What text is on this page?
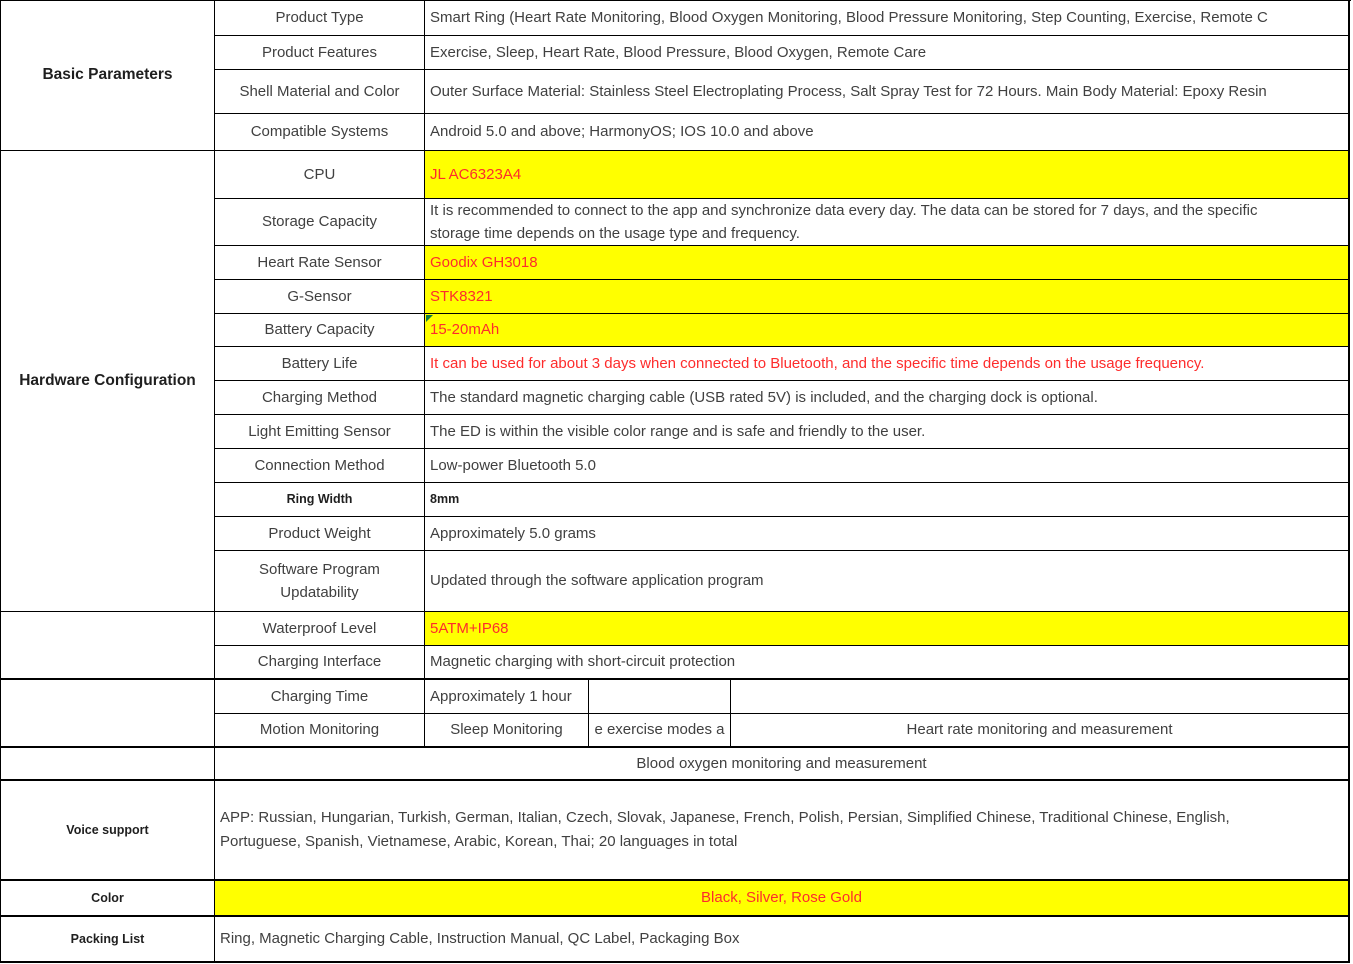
Basic Parameters
Hardware Configuration
Voice support
Color
Packing List
Product Type
Product Features
Shell Material and Color
Compatible Systems
CPU
Storage Capacity
Heart Rate Sensor
G-Sensor
Battery Capacity
Battery Life
Charging Method
Light Emitting Sensor
Connection Method
Ring Width
Product Weight
Software Program Updatability
Waterproof Level
Charging Interface
Charging Time
Motion Monitoring
Smart Ring (Heart Rate Monitoring, Blood Oxygen Monitoring, Blood Pressure Monitoring, Step Counting, Exercise, Remote C
Exercise, Sleep, Heart Rate, Blood Pressure, Blood Oxygen, Remote Care
Outer Surface Material: Stainless Steel Electroplating Process, Salt Spray Test for 72 Hours. Main Body Material: Epoxy Resin
Android 5.0 and above; HarmonyOS; IOS 10.0 and above
JL AC6323A4
It is recommended to connect to the app and synchronize data every day. The data can be stored for 7 days, and the specific storage time depends on the usage type and frequency.
Goodix GH3018
STK8321
15-20mAh
It can be used for about 3 days when connected to Bluetooth, and the specific time depends on the usage frequency.
The standard magnetic charging cable (USB rated 5V) is included, and the charging dock is optional.
The ED is within the visible color range and is safe and friendly to the user.
Low-power Bluetooth 5.0
8mm
Approximately 5.0 grams
Updated through the software application program
5ATM+IP68
Magnetic charging with short-circuit protection
Approximately 1 hour
Sleep Monitoring	e exercise modes a	Heart rate monitoring and measurement
Blood oxygen monitoring and measurement
APP: Russian, Hungarian, Turkish, German, Italian, Czech, Slovak, Japanese, French, Polish, Persian, Simplified Chinese, Traditional Chinese, English, Portuguese, Spanish, Vietnamese, Arabic, Korean, Thai; 20 languages in total
Black, Silver, Rose Gold
Ring, Magnetic Charging Cable, Instruction Manual, QC Label, Packaging Box
